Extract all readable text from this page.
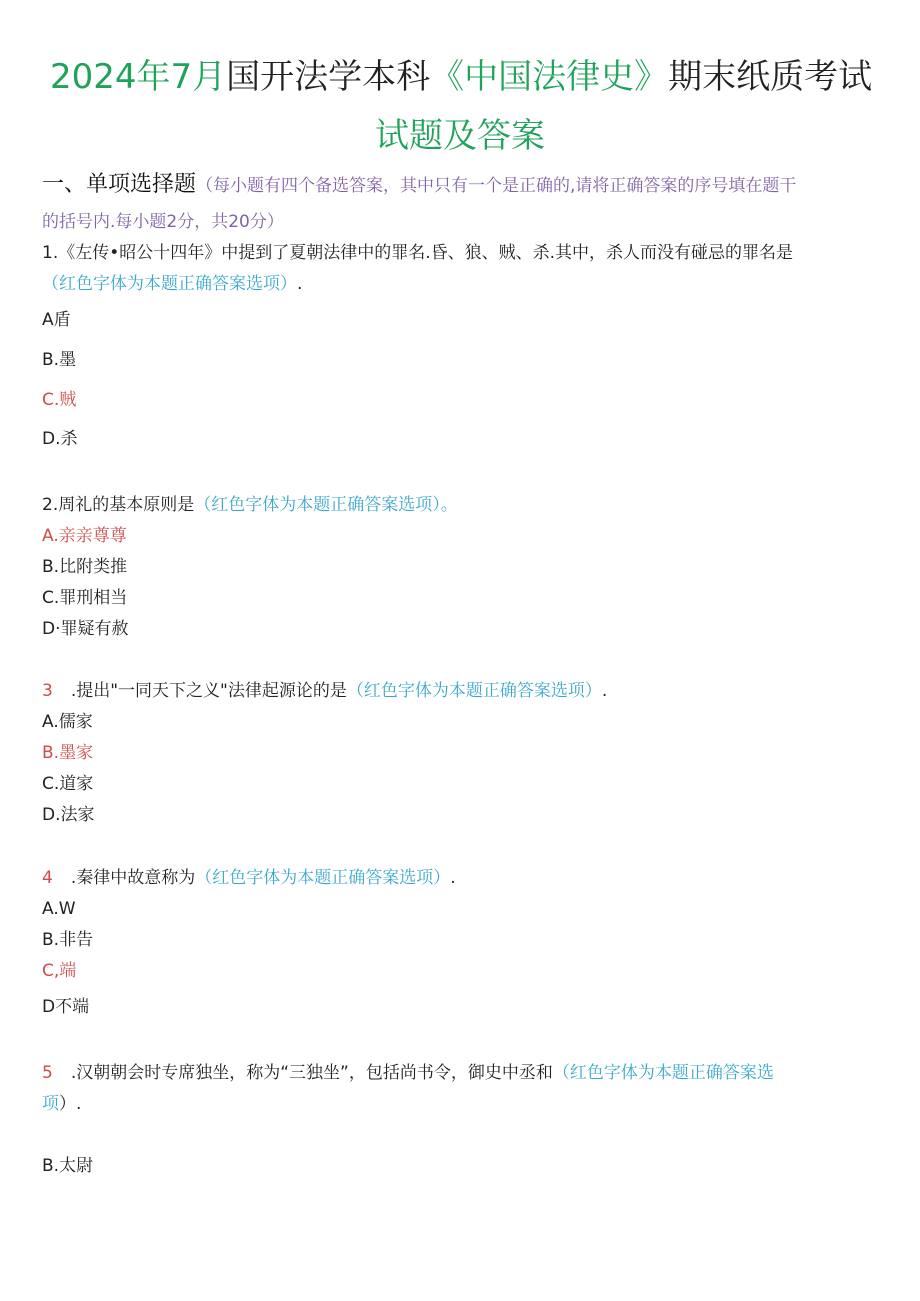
2024年7月国开法学本科《中国法律史》期末纸质考试
试题及答案
一、单项选择题（每小题有四个备选答案，其中只有一个是正确的,请将正确答案的序号填在题干
的括号内.每小题2分，共20分）
1.《左传•昭公十四年》中提到了夏朝法律中的罪名.昏、狼、贼、杀.其中，杀人而没有碰忌的罪名是
（红色字体为本题正确答案选项）.
A盾
B.墨
C.贼
D.杀
2.周礼的基本原则是（红色字体为本题正确答案选项）。
A.亲亲尊尊
B.比附类推
C.罪刑相当
D·罪疑有赦
3 .提出"一同天下之义"法律起源论的是（红色字体为本题正确答案选项）.
A.儒家
B.墨家
C.道家
D.法家
4 .秦律中故意称为（红色字体为本题正确答案选项）.
A.W
B.非告
C,端
D不端
5 .汉朝朝会时专席独坐，称为“三独坐”，包括尚书令，御史中丞和（红色字体为本题正确答案选
项）.
B.太尉
